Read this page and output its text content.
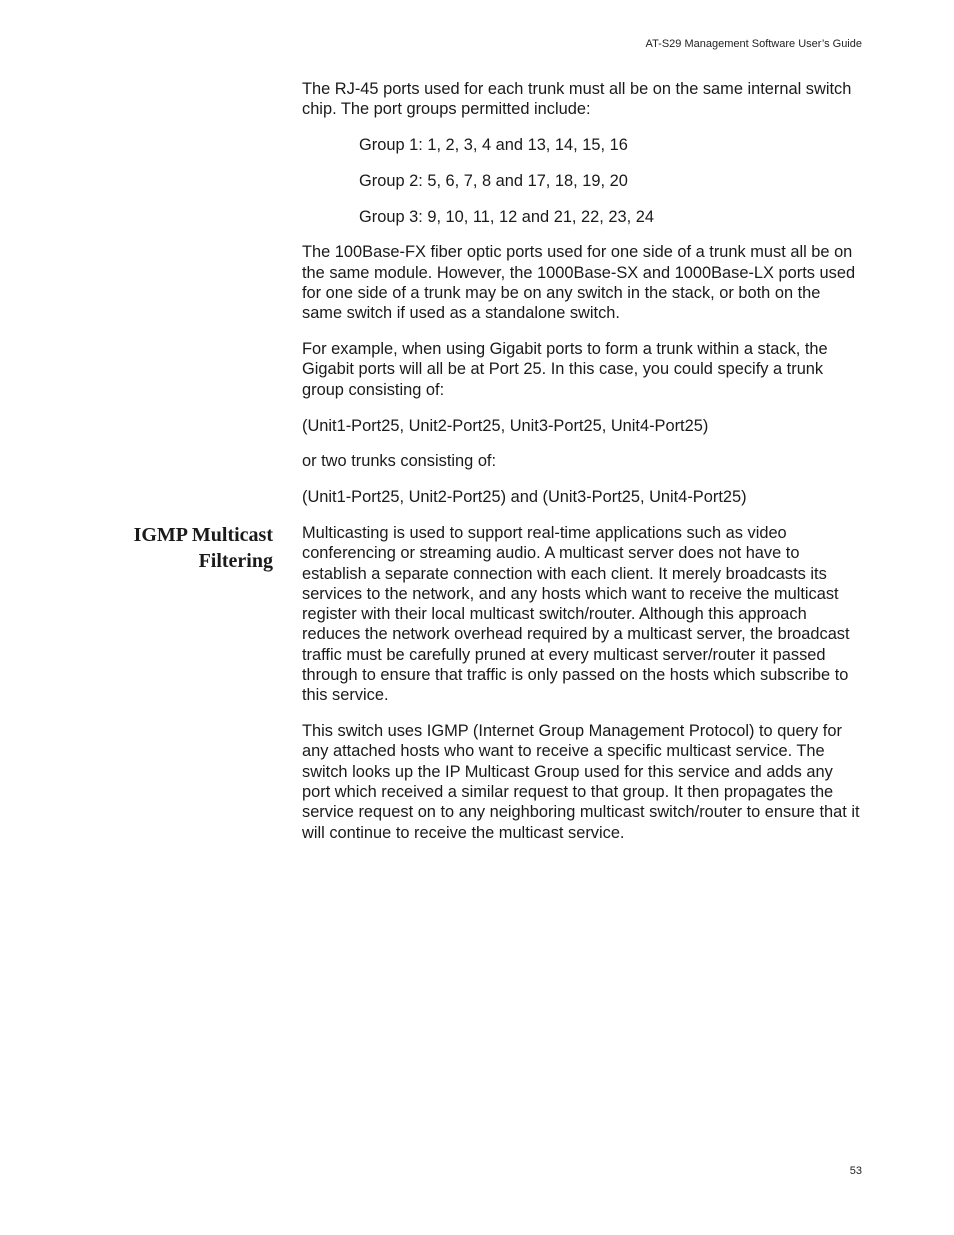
AT-S29 Management Software User’s Guide

The RJ-45 ports used for each trunk must all be on the same internal switch chip. The port groups permitted include:

Group 1: 1, 2, 3, 4 and 13, 14, 15, 16

Group 2: 5, 6, 7, 8 and 17, 18, 19, 20

Group 3: 9, 10, 11, 12 and 21, 22, 23, 24

The 100Base-FX fiber optic ports used for one side of a trunk must all be on the same module. However, the 1000Base-SX and 1000Base-LX ports used for one side of a trunk may be on any switch in the stack, or both on the same switch if used as a standalone switch.

For example, when using Gigabit ports to form a trunk within a stack, the Gigabit ports will all be at Port 25. In this case, you could specify a trunk group consisting of:

(Unit1-Port25, Unit2-Port25, Unit3-Port25, Unit4-Port25)

or two trunks consisting of:

(Unit1-Port25, Unit2-Port25) and (Unit3-Port25, Unit4-Port25)

IGMP Multicast
Filtering

Multicasting is used to support real-time applications such as video conferencing or streaming audio. A multicast server does not have to establish a separate connection with each client. It merely broadcasts its services to the network, and any hosts which want to receive the multicast register with their local multicast switch/router. Although this approach reduces the network overhead required by a multicast server, the broadcast traffic must be carefully pruned at every multicast server/router it passed through to ensure that traffic is only passed on the hosts which subscribe to this service.

This switch uses IGMP (Internet Group Management Protocol) to query for any attached hosts who want to receive a specific multicast service. The switch looks up the IP Multicast Group used for this service and adds any port which received a similar request to that group. It then propagates the service request on to any neighboring multicast switch/router to ensure that it will continue to receive the multicast service.

53
